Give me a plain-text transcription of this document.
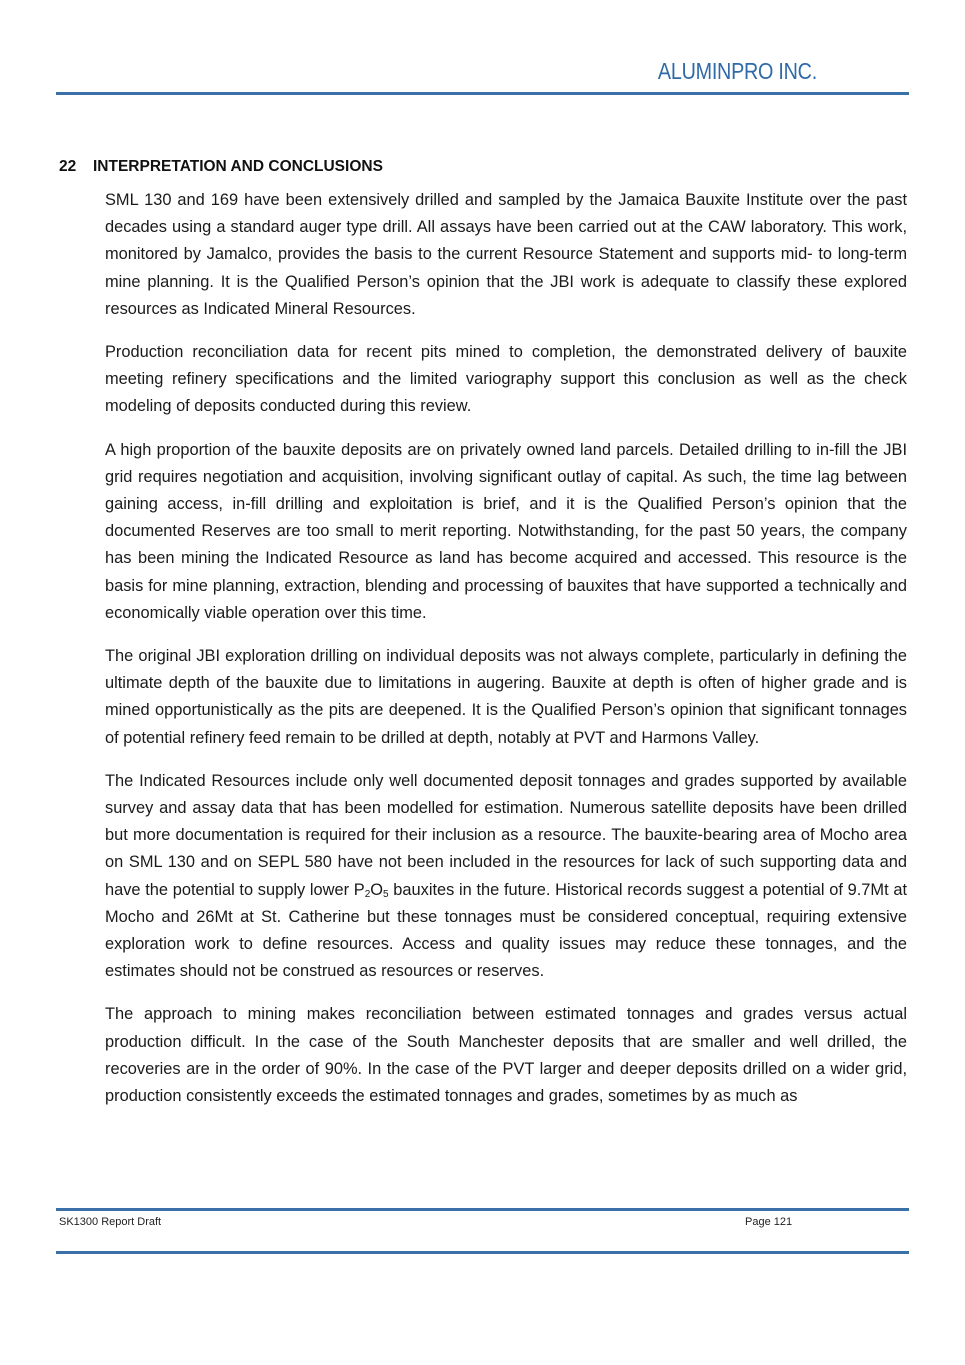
ALUMINPRO INC.
22 INTERPRETATION AND CONCLUSIONS

SML 130 and 169 have been extensively drilled and sampled by the Jamaica Bauxite Institute over the past decades using a standard auger type drill. All assays have been carried out at the CAW laboratory. This work, monitored by Jamalco, provides the basis to the current Resource Statement and supports mid- to long-term mine planning. It is the Qualified Person’s opinion that the JBI work is adequate to classify these explored resources as Indicated Mineral Resources.

Production reconciliation data for recent pits mined to completion, the demonstrated delivery of bauxite meeting refinery specifications and the limited variography support this conclusion as well as the check modeling of deposits conducted during this review.

A high proportion of the bauxite deposits are on privately owned land parcels. Detailed drilling to in-fill the JBI grid requires negotiation and acquisition, involving significant outlay of capital. As such, the time lag between gaining access, in-fill drilling and exploitation is brief, and it is the Qualified Person’s opinion that the documented Reserves are too small to merit reporting. Notwithstanding, for the past 50 years, the company has been mining the Indicated Resource as land has become acquired and accessed. This resource is the basis for mine planning, extraction, blending and processing of bauxites that have supported a technically and economically viable operation over this time.

The original JBI exploration drilling on individual deposits was not always complete, particularly in defining the ultimate depth of the bauxite due to limitations in augering. Bauxite at depth is often of higher grade and is mined opportunistically as the pits are deepened. It is the Qualified Person’s opinion that significant tonnages of potential refinery feed remain to be drilled at depth, notably at PVT and Harmons Valley.

The Indicated Resources include only well documented deposit tonnages and grades supported by available survey and assay data that has been modelled for estimation. Numerous satellite deposits have been drilled but more documentation is required for their inclusion as a resource. The bauxite-bearing area of Mocho area on SML 130 and on SEPL 580 have not been included in the resources for lack of such supporting data and have the potential to supply lower $P_2O_5$ bauxites in the future. Historical records suggest a potential of 9.7Mt at Mocho and 26Mt at St. Catherine but these tonnages must be considered conceptual, requiring extensive exploration work to define resources. Access and quality issues may reduce these tonnages, and the estimates should not be construed as resources or reserves.

The approach to mining makes reconciliation between estimated tonnages and grades versus actual production difficult. In the case of the South Manchester deposits that are smaller and well drilled, the recoveries are in the order of 90%. In the case of the PVT larger and deeper deposits drilled on a wider grid, production consistently exceeds the estimated tonnages and grades, sometimes by as much as

SK1300 Report Draft	Page 121
